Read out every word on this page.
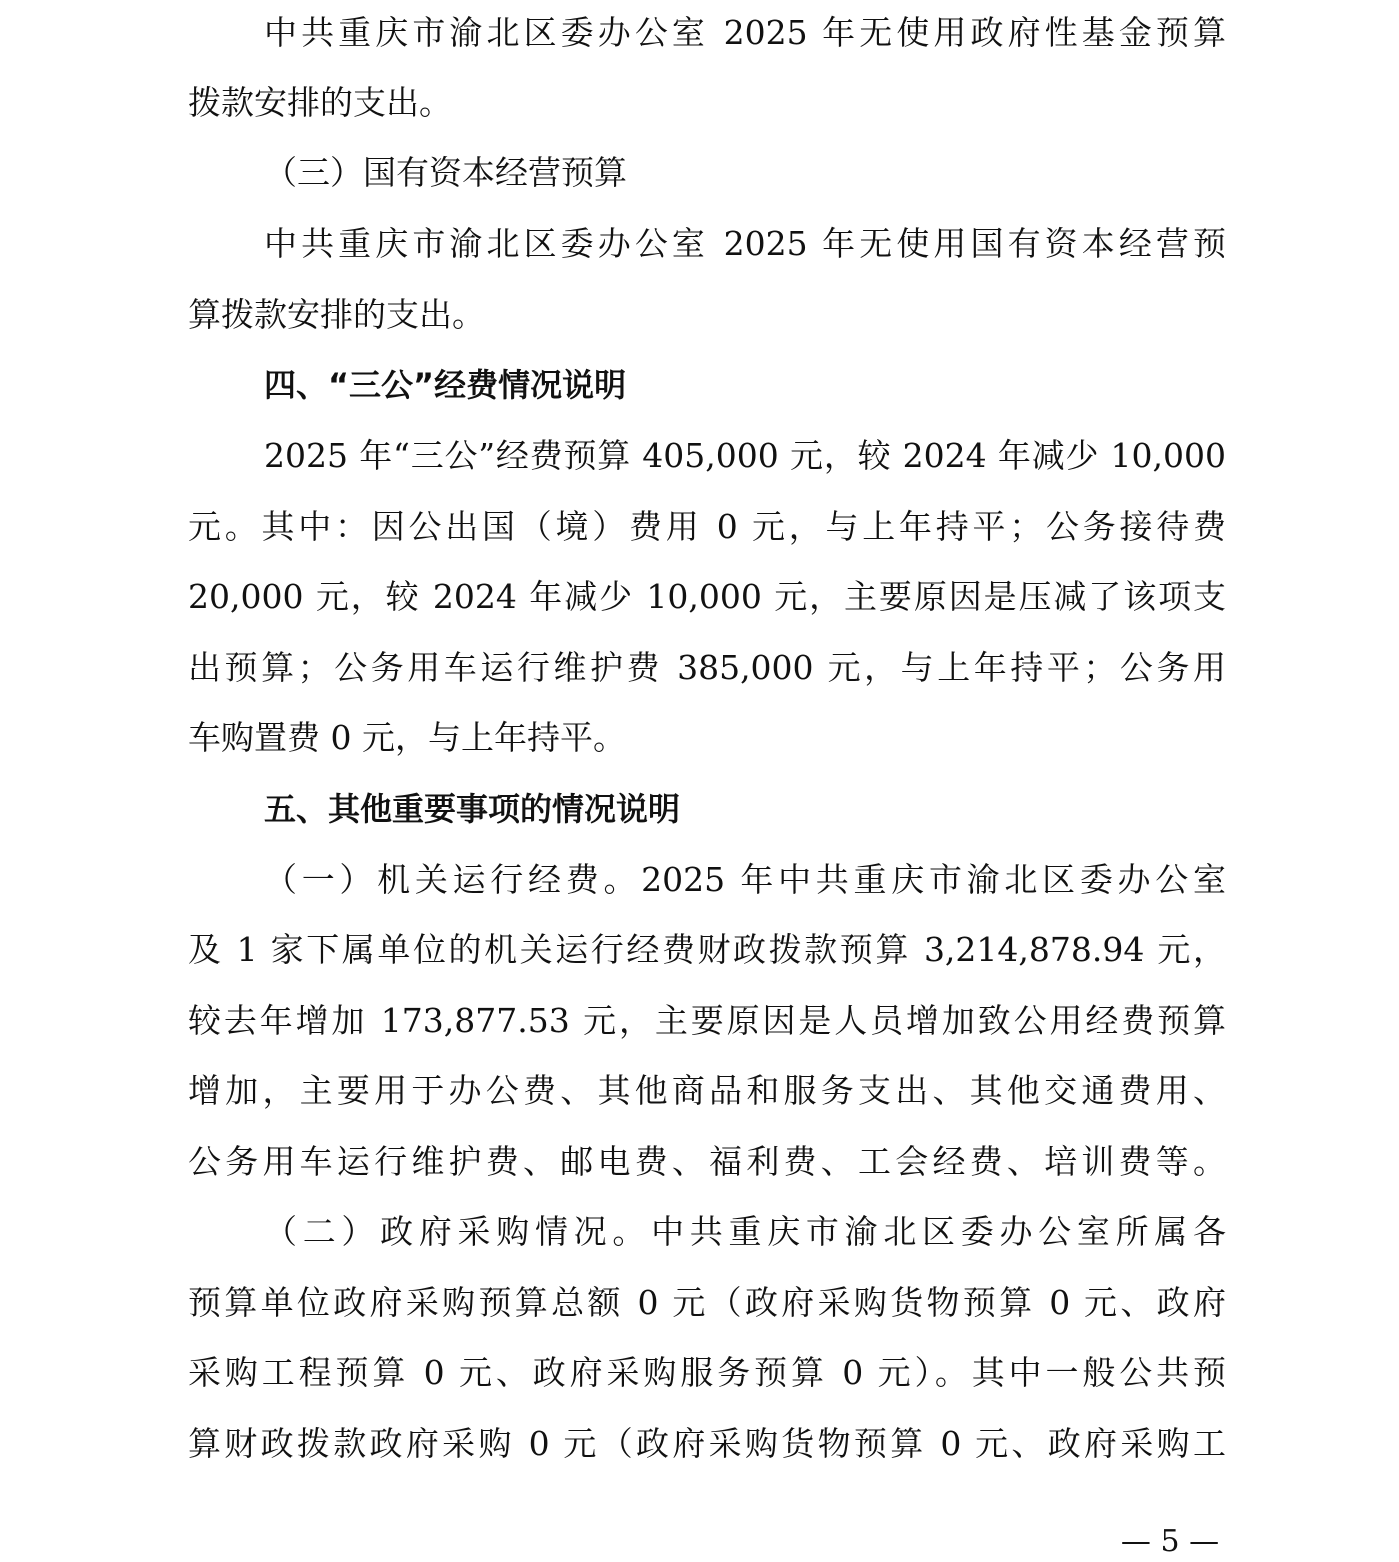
中共重庆市渝北区委办公室 2025 年无使用政府性基金预算
拨款安排的支出。
（三）国有资本经营预算
中共重庆市渝北区委办公室 2025 年无使用国有资本经营预
算拨款安排的支出。
四、“三公”经费情况说明
2025 年“三公”经费预算 405,000 元，较 2024 年减少 10,000
元。其中：因公出国（境）费用 0 元，与上年持平；公务接待费
20,000 元，较 2024 年减少 10,000 元，主要原因是压减了该项支
出预算；公务用车运行维护费 385,000 元，与上年持平；公务用
车购置费 0 元，与上年持平。
五、其他重要事项的情况说明
（一）机关运行经费。2025 年中共重庆市渝北区委办公室
及 1 家下属单位的机关运行经费财政拨款预算 3,214,878.94 元，
较去年增加 173,877.53 元，主要原因是人员增加致公用经费预算
增加，主要用于办公费、其他商品和服务支出、其他交通费用、
公务用车运行维护费、邮电费、福利费、工会经费、培训费等。
（二）政府采购情况。中共重庆市渝北区委办公室所属各
预算单位政府采购预算总额 0 元（政府采购货物预算 0 元、政府
采购工程预算 0 元、政府采购服务预算 0 元）。其中一般公共预
算财政拨款政府采购 0 元（政府采购货物预算 0 元、政府采购工
— 5 —
